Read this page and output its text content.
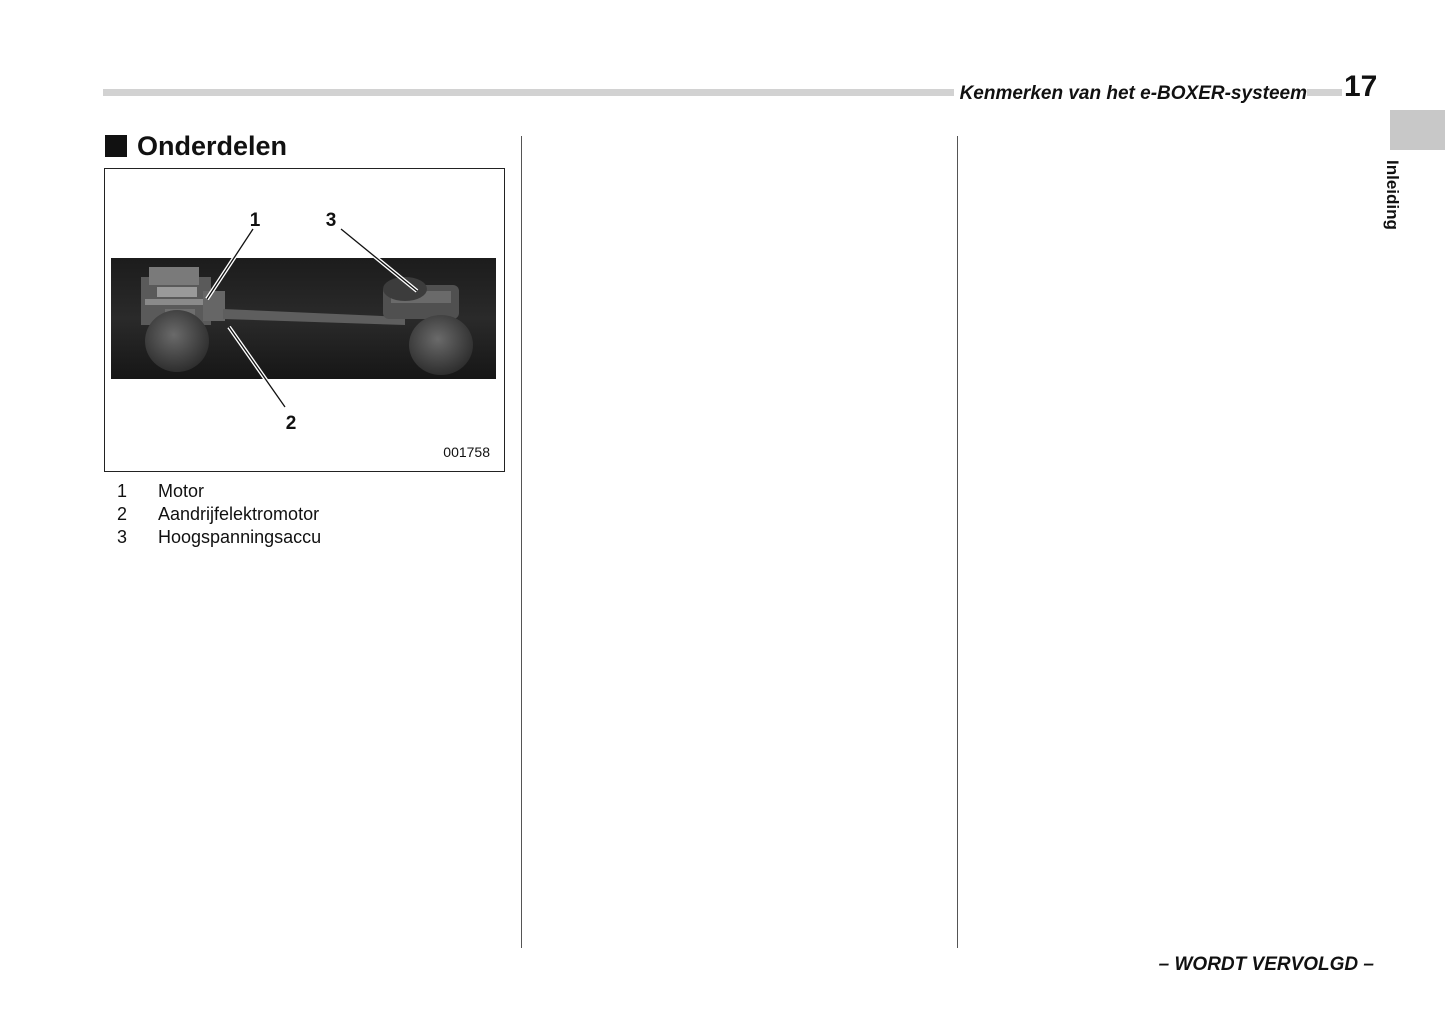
Kenmerken van het e-BOXER-systeem 17
Inleiding
Onderdelen
1	3
2
001758
1	Motor
2	Aandrijfelektromotor
3	Hoogspanningsaccu
– WORDT VERVOLGD –
